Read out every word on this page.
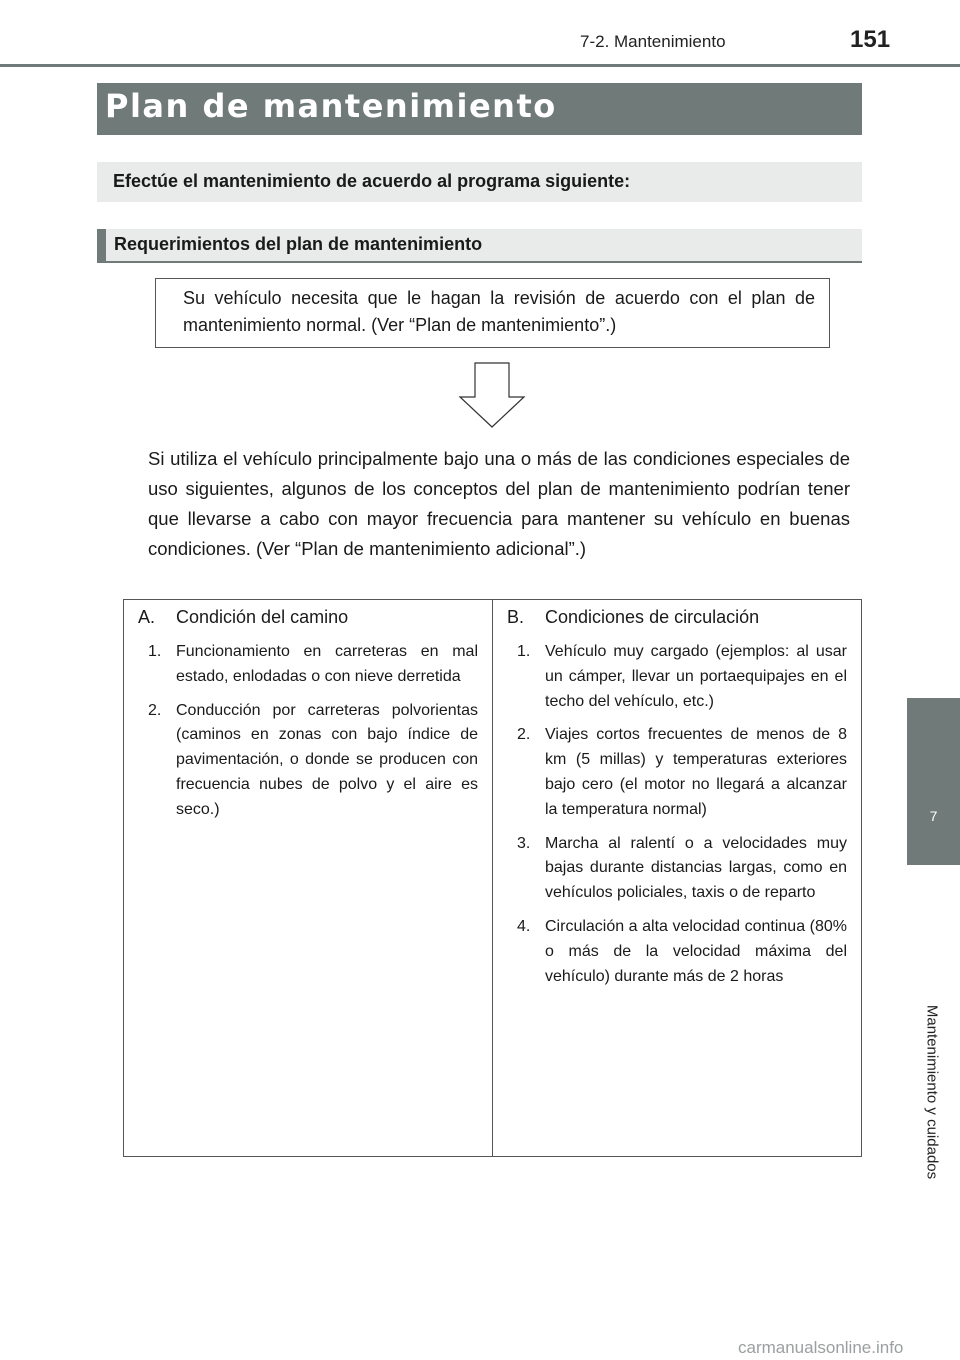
7-2. Mantenimiento	151
Plan de mantenimiento
Efectúe el mantenimiento de acuerdo al programa siguiente:
Requerimientos del plan de mantenimiento
Su vehículo necesita que le hagan la revisión de acuerdo con el plan de mantenimiento normal. (Ver “Plan de mantenimiento”.)
Si utiliza el vehículo principalmente bajo una o más de las condiciones especiales de uso siguientes, algunos de los conceptos del plan de mantenimiento podrían tener que llevarse a cabo con mayor frecuencia para mantener su vehículo en buenas condiciones. (Ver “Plan de mantenimiento adicional”.)
A.	Condición del camino
1. Funcionamiento en carreteras en mal estado, enlodadas o con nieve derretida
2. Conducción por carreteras polvorientas (caminos en zonas con bajo índice de pavimentación, o donde se producen con frecuencia nubes de polvo y el aire es seco.)
B.	Condiciones de circulación
1. Vehículo muy cargado (ejemplos: al usar un cámper, llevar un portaequipajes en el techo del vehículo, etc.)
2. Viajes cortos frecuentes de menos de 8 km (5 millas) y temperaturas exteriores bajo cero (el motor no llegará a alcanzar la temperatura normal)
3. Marcha al ralentí o a velocidades muy bajas durante distancias largas, como en vehículos policiales, taxis o de reparto
4. Circulación a alta velocidad continua (80% o más de la velocidad máxima del vehículo) durante más de 2 horas
7
Mantenimiento y cuidados
carmanualsonline.info
